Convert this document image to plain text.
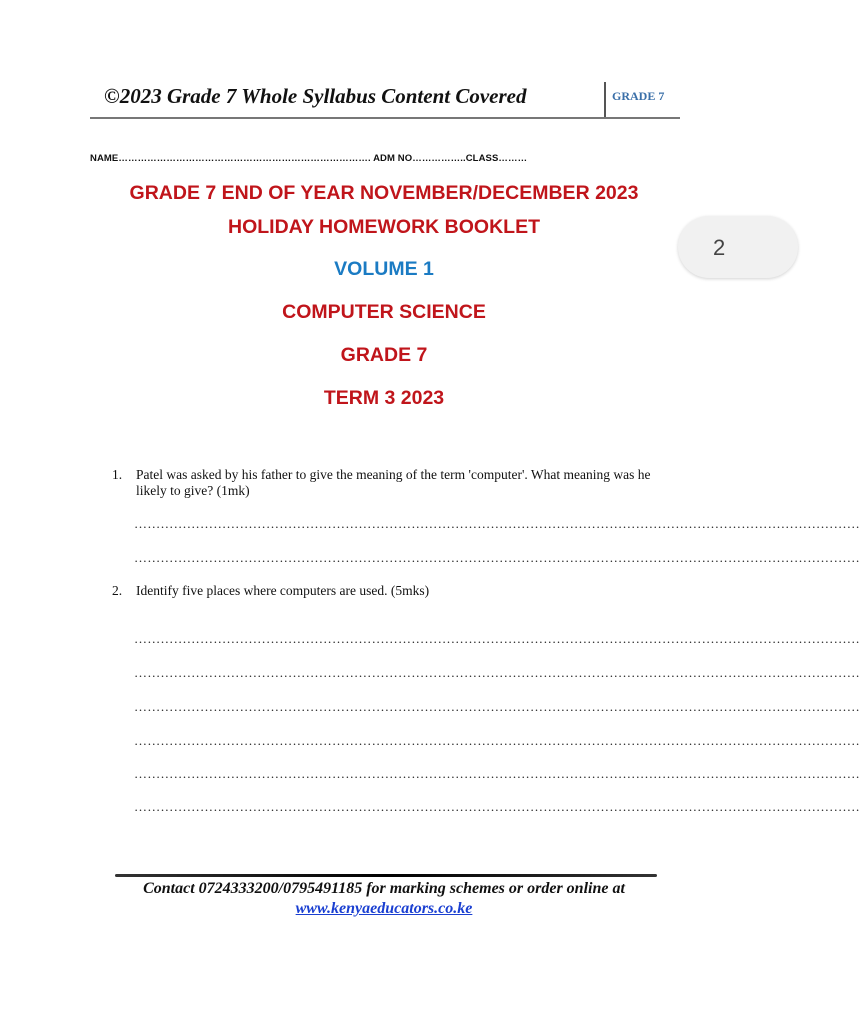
©2023 Grade 7 Whole Syllabus Content Covered	GRADE 7
NAME……………………………………………………………………. ADM NO……………..CLASS………
GRADE 7 END OF YEAR NOVEMBER/DECEMBER 2023
HOLIDAY HOMEWORK BOOKLET
VOLUME 1
COMPUTER SCIENCE
GRADE 7
TERM 3 2023
1. Patel was asked by his father to give the meaning of the term 'computer'. What meaning was he likely to give? (1mk)
…………………………………………………………………………………………………………………………………………………
…………………………………………………………………………………………………………………………………………………
2. Identify five places where computers are used. (5mks)
…………………………………………………………………………………………………………………………………………………
…………………………………………………………………………………………………………………………………………………
…………………………………………………………………………………………………………………………………………………
…………………………………………………………………………………………………………………………………………………
…………………………………………………………………………………………………………………………………………………
…………………………………………………………………………………………………………………………………………………
Contact 0724333200/0795491185 for marking schemes or order online at
www.kenyaeducators.co.ke
2
